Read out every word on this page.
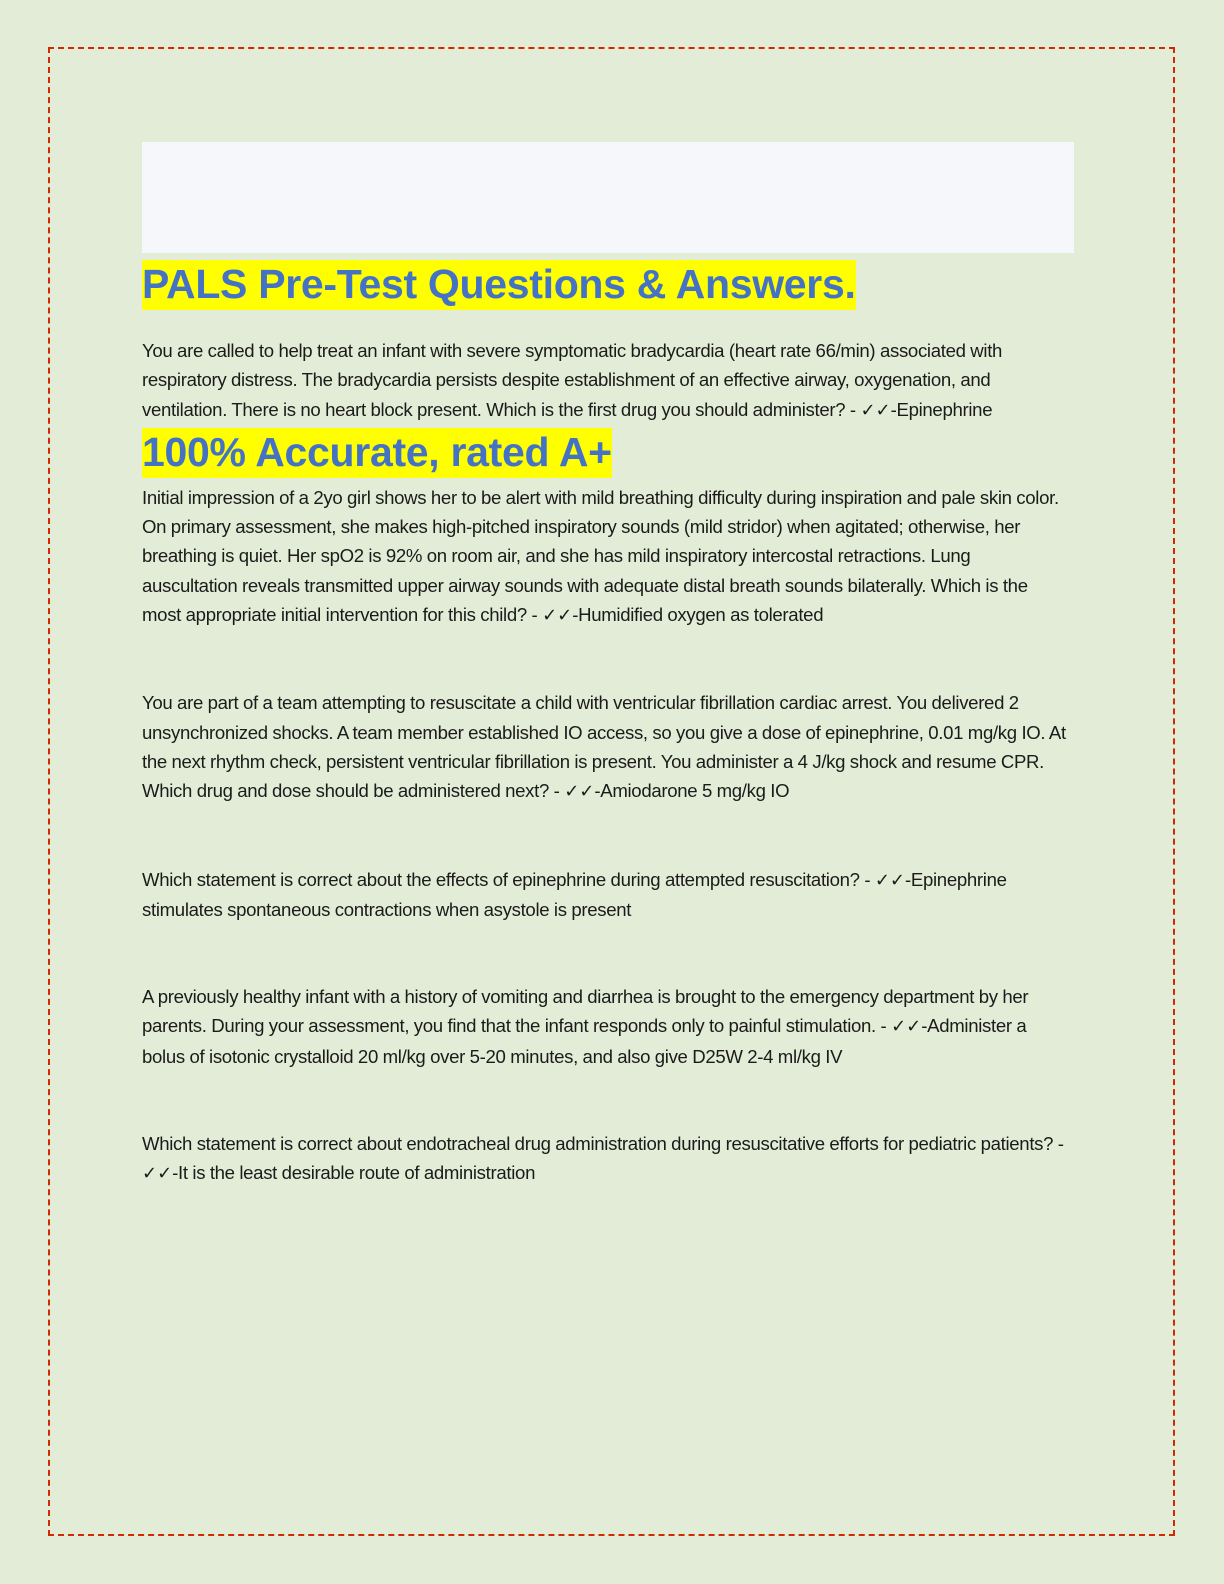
PALS Pre-Test Questions & Answers.

100% Accurate, rated A+

You are called to help treat an infant with severe symptomatic bradycardia (heart rate 66/min) associated with respiratory distress. The bradycardia persists despite establishment of an effective airway, oxygenation, and ventilation. There is no heart block present. Which is the first drug you should administer? - ✓✓-Epinephrine

Initial impression of a 2yo girl shows her to be alert with mild breathing difficulty during inspiration and pale skin color. On primary assessment, she makes high-pitched inspiratory sounds (mild stridor) when agitated; otherwise, her breathing is quiet. Her spO2 is 92% on room air, and she has mild inspiratory intercostal retractions. Lung auscultation reveals transmitted upper airway sounds with adequate distal breath sounds bilaterally. Which is the most appropriate initial intervention for this child? - ✓✓-Humidified oxygen as tolerated

You are part of a team attempting to resuscitate a child with ventricular fibrillation cardiac arrest. You delivered 2 unsynchronized shocks. A team member established IO access, so you give a dose of epinephrine, 0.01 mg/kg IO. At the next rhythm check, persistent ventricular fibrillation is present. You administer a 4 J/kg shock and resume CPR. Which drug and dose should be administered next? - ✓✓-Amiodarone 5 mg/kg IO

Which statement is correct about the effects of epinephrine during attempted resuscitation? - ✓✓-Epinephrine stimulates spontaneous contractions when asystole is present

A previously healthy infant with a history of vomiting and diarrhea is brought to the emergency department by her parents. During your assessment, you find that the infant responds only to painful stimulation. - ✓✓-Administer a bolus of isotonic crystalloid 20 ml/kg over 5-20 minutes, and also give D25W 2-4 ml/kg IV

Which statement is correct about endotracheal drug administration during resuscitative efforts for pediatric patients? - ✓✓-It is the least desirable route of administration
